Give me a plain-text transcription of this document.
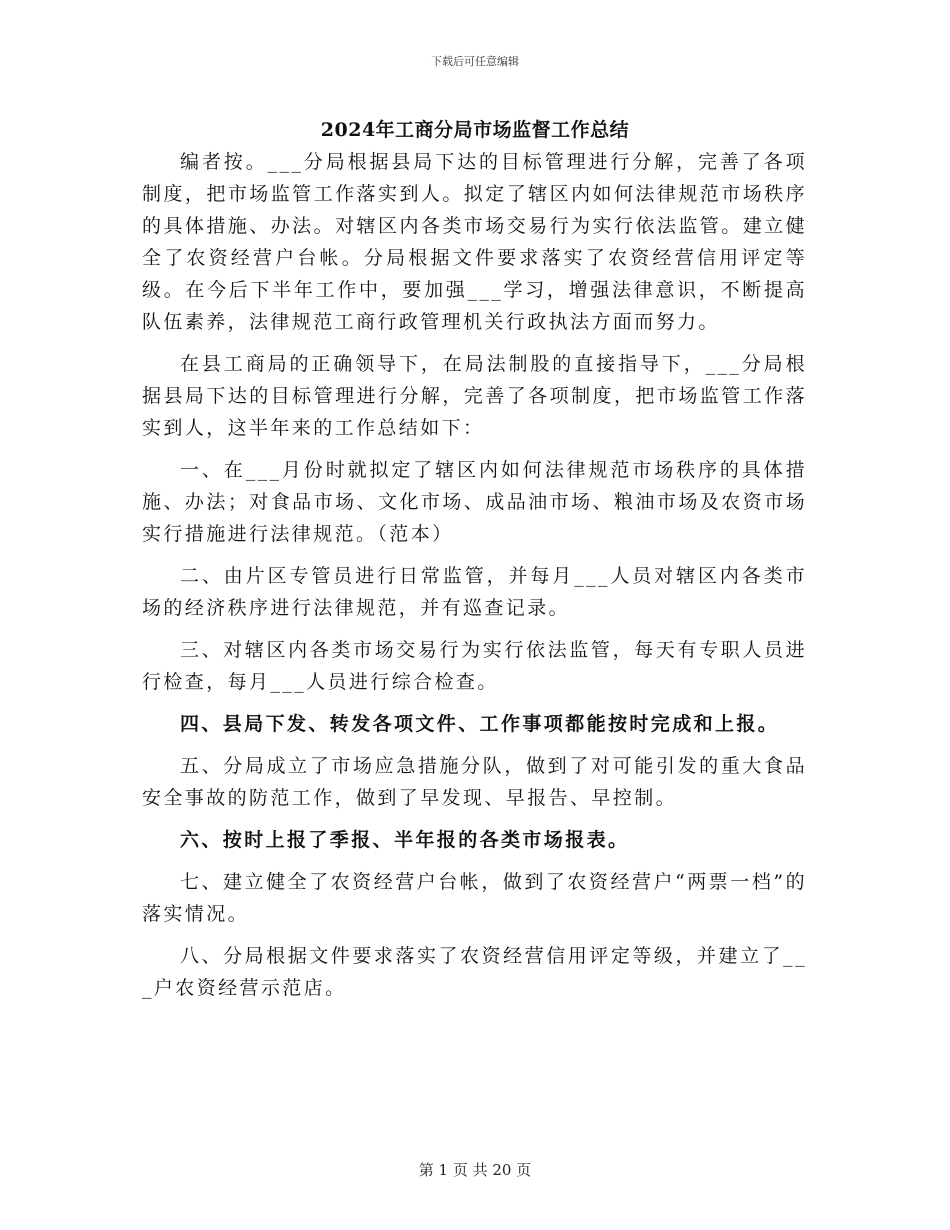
下载后可任意编辑
2024年工商分局市场监督工作总结

编者按。___分局根据县局下达的目标管理进行分解，完善了各项制度，把市场监管工作落实到人。拟定了辖区内如何法律规范市场秩序的具体措施、办法。对辖区内各类市场交易行为实行依法监管。建立健全了农资经营户台帐。分局根据文件要求落实了农资经营信用评定等级。在今后下半年工作中，要加强___学习，增强法律意识，不断提高队伍素养，法律规范工商行政管理机关行政执法方面而努力。

在县工商局的正确领导下，在局法制股的直接指导下，___分局根据县局下达的目标管理进行分解，完善了各项制度，把市场监管工作落实到人，这半年来的工作总结如下：

一、在___月份时就拟定了辖区内如何法律规范市场秩序的具体措施、办法；对食品市场、文化市场、成品油市场、粮油市场及农资市场实行措施进行法律规范。（范本）

二、由片区专管员进行日常监管，并每月___人员对辖区内各类市场的经济秩序进行法律规范，并有巡查记录。

三、对辖区内各类市场交易行为实行依法监管，每天有专职人员进行检查，每月___人员进行综合检查。

四、县局下发、转发各项文件、工作事项都能按时完成和上报。

五、分局成立了市场应急措施分队，做到了对可能引发的重大食品安全事故的防范工作，做到了早发现、早报告、早控制。

六、按时上报了季报、半年报的各类市场报表。

七、建立健全了农资经营户台帐，做到了农资经营户“两票一档”的落实情况。

八、分局根据文件要求落实了农资经营信用评定等级，并建立了___户农资经营示范店。

第 1 页 共 20 页
